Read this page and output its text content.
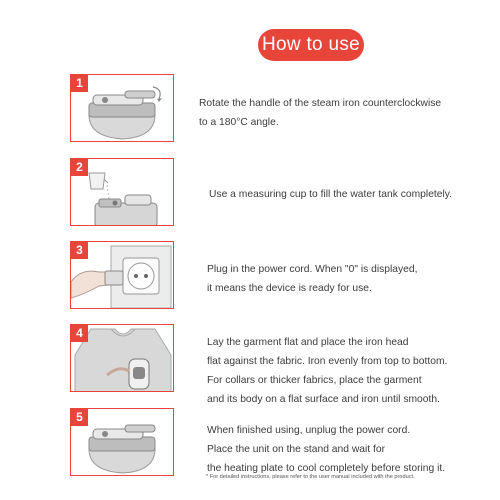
How to use
1
Rotate the handle of the steam iron counterclockwise
to a 180°C angle.
2
Use a measuring cup to fill the water tank completely.
3
Plug in the power cord. When "0" is displayed,
it means the device is ready for use.
4
Lay the garment flat and place the iron head
flat against the fabric. Iron evenly from top to bottom.
For collars or thicker fabrics, place the garment
and its body on a flat surface and iron until smooth.
5
When finished using, unplug the power cord.
Place the unit on the stand and wait for
the heating plate to cool completely before storing it.
* For detailed instructions, please refer to the user manual included with the product.
